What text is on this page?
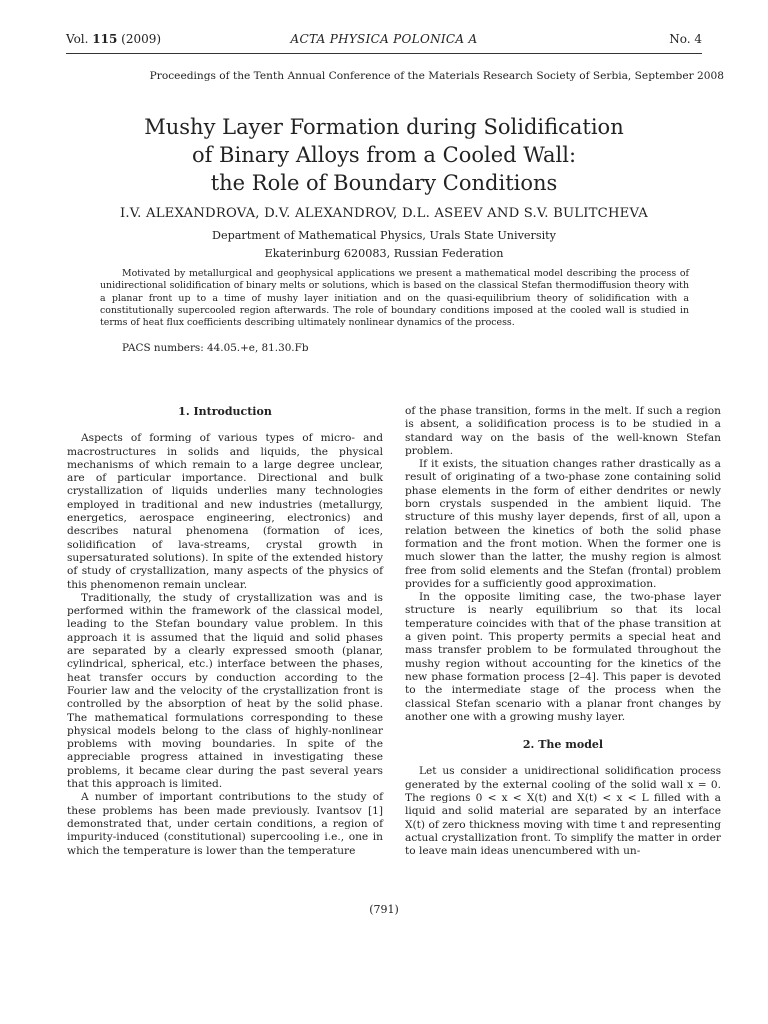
Vol. 115 (2009)	ACTA PHYSICA POLONICA A	No. 4
Proceedings of the Tenth Annual Conference of the Materials Research Society of Serbia, September 2008
Mushy Layer Formation during Solidification
of Binary Alloys from a Cooled Wall:
the Role of Boundary Conditions
I.V. ALEXANDROVA, D.V. ALEXANDROV, D.L. ASEEV AND S.V. BULITCHEVA
Department of Mathematical Physics, Urals State University
Ekaterinburg 620083, Russian Federation
Motivated by metallurgical and geophysical applications we present a mathematical model describing the process of unidirectional solidification of binary melts or solutions, which is based on the classical Stefan thermodiffusion theory with a planar front up to a time of mushy layer initiation and on the quasi-equilibrium theory of solidification with a constitutionally supercooled region afterwards. The role of boundary conditions imposed at the cooled wall is studied in terms of heat flux coefficients describing ultimately nonlinear dynamics of the process.
PACS numbers: 44.05.+e, 81.30.Fb
1. Introduction

Aspects of forming of various types of micro- and macrostructures in solids and liquids, the physical mechanisms of which remain to a large degree unclear, are of particular importance. Directional and bulk crystallization of liquids underlies many technologies employed in traditional and new industries (metallurgy, energetics, aerospace engineering, electronics) and describes natural phenomena (formation of ices, solidification of lava-streams, crystal growth in supersaturated solutions). In spite of the extended history of study of crystallization, many aspects of the physics of this phenomenon remain unclear.

Traditionally, the study of crystallization was and is performed within the framework of the classical model, leading to the Stefan boundary value problem. In this approach it is assumed that the liquid and solid phases are separated by a clearly expressed smooth (planar, cylindrical, spherical, etc.) interface between the phases, heat transfer occurs by conduction according to the Fourier law and the velocity of the crystallization front is controlled by the absorption of heat by the solid phase. The mathematical formulations corresponding to these physical models belong to the class of highly-nonlinear problems with moving boundaries. In spite of the appreciable progress attained in investigating these problems, it became clear during the past several years that this approach is limited.

A number of important contributions to the study of these problems has been made previously. Ivantsov [1] demonstrated that, under certain conditions, a region of impurity-induced (constitutional) supercooling i.e., one in which the temperature is lower than the temperature

of the phase transition, forms in the melt. If such a region is absent, a solidification process is to be studied in a standard way on the basis of the well-known Stefan problem.

If it exists, the situation changes rather drastically as a result of originating of a two-phase zone containing solid phase elements in the form of either dendrites or newly born crystals suspended in the ambient liquid. The structure of this mushy layer depends, first of all, upon a relation between the kinetics of both the solid phase formation and the front motion. When the former one is much slower than the latter, the mushy region is almost free from solid elements and the Stefan (frontal) problem provides for a sufficiently good approximation.

In the opposite limiting case, the two-phase layer structure is nearly equilibrium so that its local temperature coincides with that of the phase transition at a given point. This property permits a special heat and mass transfer problem to be formulated throughout the mushy region without accounting for the kinetics of the new phase formation process [2–4]. This paper is devoted to the intermediate stage of the process when the classical Stefan scenario with a planar front changes by another one with a growing mushy layer.

2. The model

Let us consider a unidirectional solidification process generated by the external cooling of the solid wall x = 0. The regions 0 < x < X(t) and X(t) < x < L filled with a liquid and solid material are separated by an interface X(t) of zero thickness moving with time t and representing actual crystallization front. To simplify the matter in order to leave main ideas unencumbered with un-

(791)
